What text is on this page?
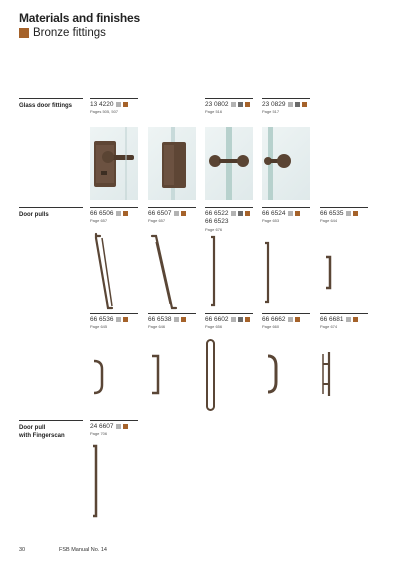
Materials and finishes
Bronze fittings
Glass door fittings
Door pulls
Door pull
with Fingerscan
13 4220
Pages 505, 507
23 0802
Page 516
23 0829
Page 517
66 6506
Page 657
66 6507
Page 657
66 6522
66 6523
Page 676
66 6524
Page 653
66 6535
Page 644
66 6536
Page 645
66 6538
Page 646
66 6602
Page 656
66 6662
Page 660
66 6681
Page 674
24 6607
Page 706
30	FSB Manual No. 14
